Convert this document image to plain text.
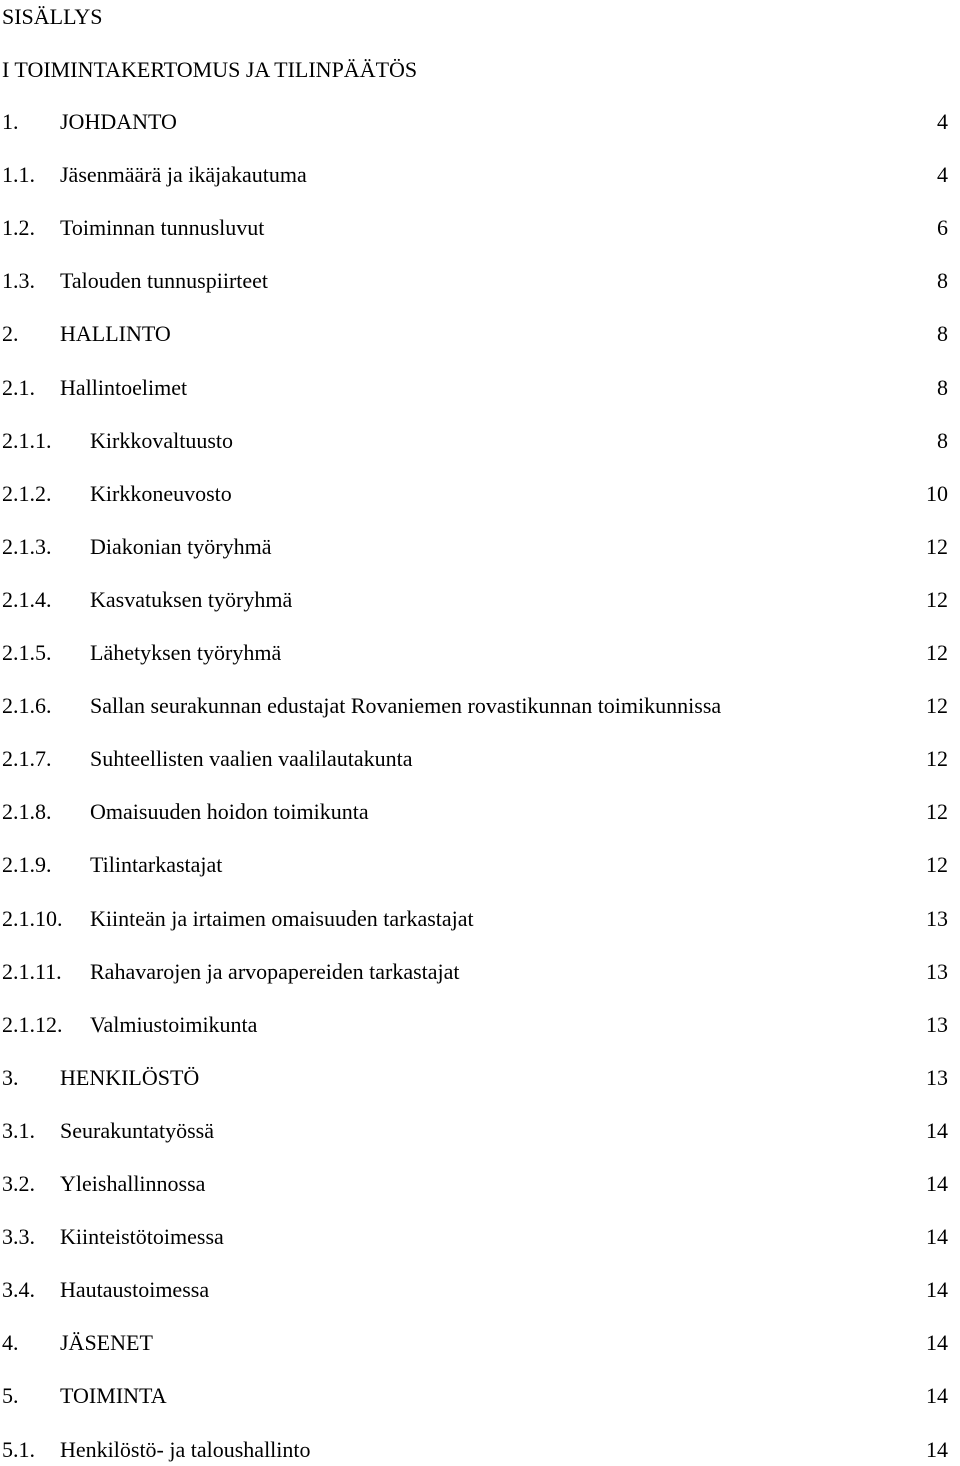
SISÄLLYS
I TOIMINTAKERTOMUS JA TILINPÄÄTÖS
1. JOHDANTO	4
1.1. Jäsenmäärä ja ikäjakautuma	4
1.2. Toiminnan tunnusluvut	6
1.3. Talouden tunnuspiirteet	8
2. HALLINTO	8
2.1. Hallintoelimet	8
2.1.1. Kirkkovaltuusto	8
2.1.2. Kirkkoneuvosto	10
2.1.3. Diakonian työryhmä	12
2.1.4. Kasvatuksen työryhmä	12
2.1.5. Lähetyksen työryhmä	12
2.1.6. Sallan seurakunnan edustajat Rovaniemen rovastikunnan toimikunnissa	12
2.1.7. Suhteellisten vaalien vaalilautakunta	12
2.1.8. Omaisuuden hoidon toimikunta	12
2.1.9. Tilintarkastajat	12
2.1.10. Kiinteän ja irtaimen omaisuuden tarkastajat	13
2.1.11. Rahavarojen ja arvopapereiden tarkastajat	13
2.1.12. Valmiustoimikunta	13
3. HENKILÖSTÖ	13
3.1. Seurakuntatyössä	14
3.2. Yleishallinnossa	14
3.3. Kiinteistötoimessa	14
3.4. Hautaustoimessa	14
4. JÄSENET	14
5. TOIMINTA	14
5.1. Henkilöstö- ja taloushallinto	14
